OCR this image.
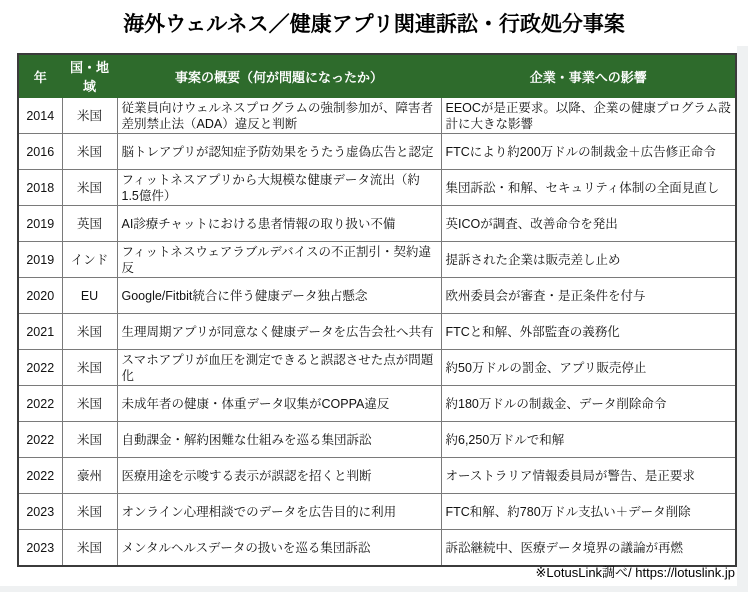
海外ウェルネス／健康アプリ関連訴訟・行政処分事案
年	国・地域	事案の概要（何が問題になったか）	企業・事業への影響
2014	米国	従業員向けウェルネスプログラムの強制参加が、障害者差別禁止法（ADA）違反と判断	EEOCが是正要求。以降、企業の健康プログラム設計に大きな影響
2016	米国	脳トレアプリが認知症予防効果をうたう虚偽広告と認定	FTCにより約200万ドルの制裁金＋広告修正命令
2018	米国	フィットネスアプリから大規模な健康データ流出（約1.5億件）	集団訴訟・和解、セキュリティ体制の全面見直し
2019	英国	AI診療チャットにおける患者情報の取り扱い不備	英ICOが調査、改善命令を発出
2019	インド	フィットネスウェアラブルデバイスの不正割引・契約違反	提訴された企業は販売差し止め
2020	EU	Google/Fitbit統合に伴う健康データ独占懸念	欧州委員会が審査・是正条件を付与
2021	米国	生理周期アプリが同意なく健康データを広告会社へ共有	FTCと和解、外部監査の義務化
2022	米国	スマホアプリが血圧を測定できると誤認させた点が問題化	約50万ドルの罰金、アプリ販売停止
2022	米国	未成年者の健康・体重データ収集がCOPPA違反	約180万ドルの制裁金、データ削除命令
2022	米国	自動課金・解約困難な仕組みを巡る集団訴訟	約6,250万ドルで和解
2022	豪州	医療用途を示唆する表示が誤認を招くと判断	オーストラリア情報委員局が警告、是正要求
2023	米国	オンライン心理相談でのデータを広告目的に利用	FTC和解、約780万ドル支払い＋データ削除
2023	米国	メンタルヘルスデータの扱いを巡る集団訴訟	訴訟継続中、医療データ境界の議論が再燃
※LotusLink調べ/ https://lotuslink.jp
